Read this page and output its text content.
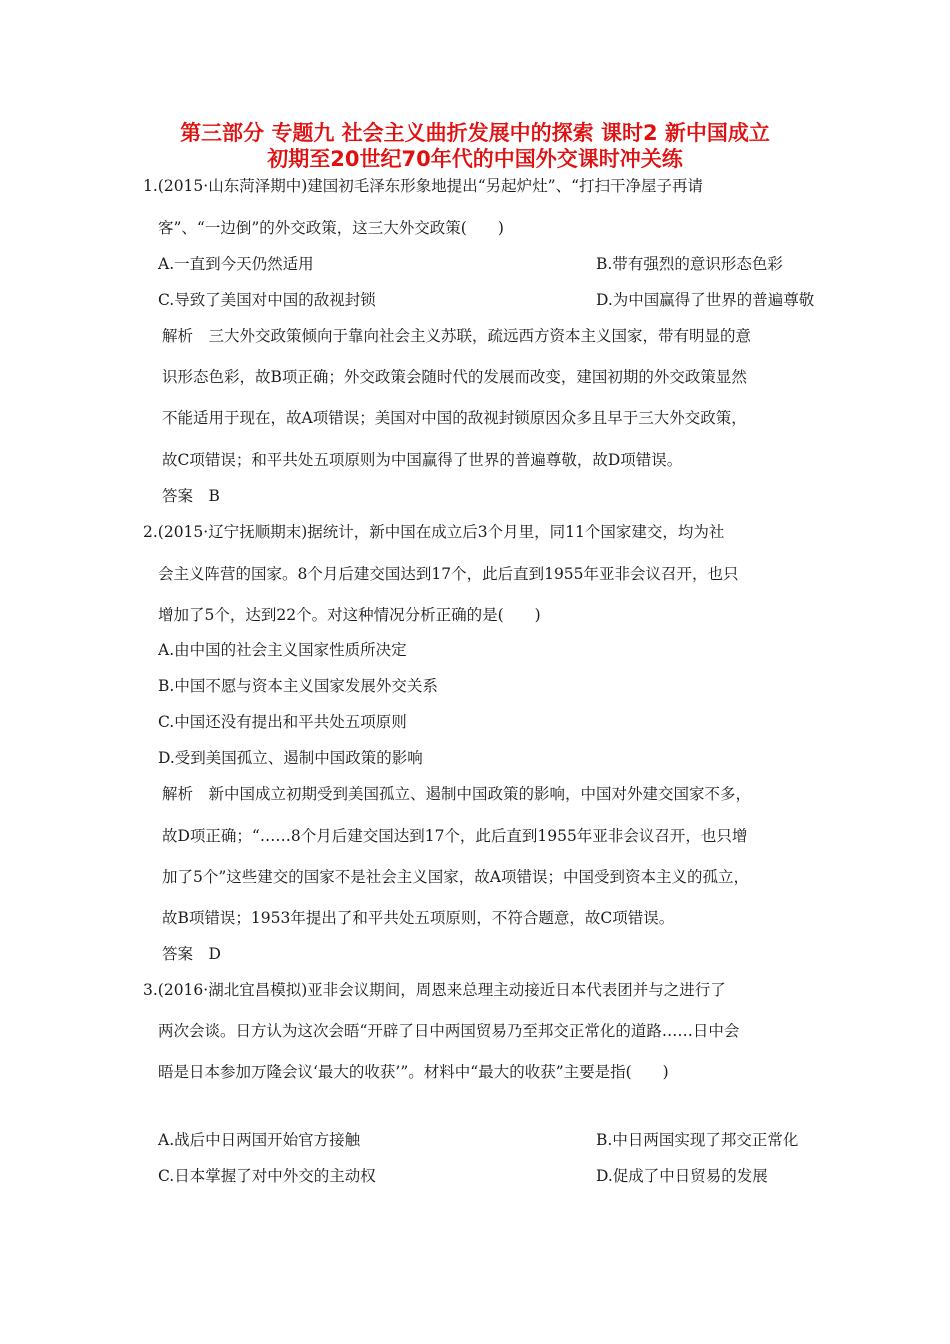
第三部分 专题九 社会主义曲折发展中的探索 课时2 新中国成立
初期至20世纪70年代的中国外交课时冲关练
1.(2015·山东菏泽期中)建国初毛泽东形象地提出“另起炉灶”、“打扫干净屋子再请
客”、“一边倒”的外交政策，这三大外交政策(　　)
A.一直到今天仍然适用	B.带有强烈的意识形态色彩
C.导致了美国对中国的敌视封锁	D.为中国赢得了世界的普遍尊敬
解析　三大外交政策倾向于靠向社会主义苏联，疏远西方资本主义国家，带有明显的意
识形态色彩，故B项正确；外交政策会随时代的发展而改变，建国初期的外交政策显然
不能适用于现在，故A项错误；美国对中国的敌视封锁原因众多且早于三大外交政策，
故C项错误；和平共处五项原则为中国赢得了世界的普遍尊敬，故D项错误。
答案　B
2.(2015·辽宁抚顺期末)据统计，新中国在成立后3个月里，同11个国家建交，均为社
会主义阵营的国家。8个月后建交国达到17个，此后直到1955年亚非会议召开，也只
增加了5个，达到22个。对这种情况分析正确的是(　　)
A.由中国的社会主义国家性质所决定
B.中国不愿与资本主义国家发展外交关系
C.中国还没有提出和平共处五项原则
D.受到美国孤立、遏制中国政策的影响
解析　新中国成立初期受到美国孤立、遏制中国政策的影响，中国对外建交国家不多，
故D项正确；“……8个月后建交国达到17个，此后直到1955年亚非会议召开，也只增
加了5个”这些建交的国家不是社会主义国家，故A项错误；中国受到资本主义的孤立，
故B项错误；1953年提出了和平共处五项原则，不符合题意，故C项错误。
答案　D
3.(2016·湖北宜昌模拟)亚非会议期间，周恩来总理主动接近日本代表团并与之进行了
两次会谈。日方认为这次会晤“开辟了日中两国贸易乃至邦交正常化的道路……日中会
晤是日本参加万隆会议‘最大的收获’”。材料中“最大的收获”主要是指(　　)
A.战后中日两国开始官方接触	B.中日两国实现了邦交正常化
C.日本掌握了对中外交的主动权	D.促成了中日贸易的发展
